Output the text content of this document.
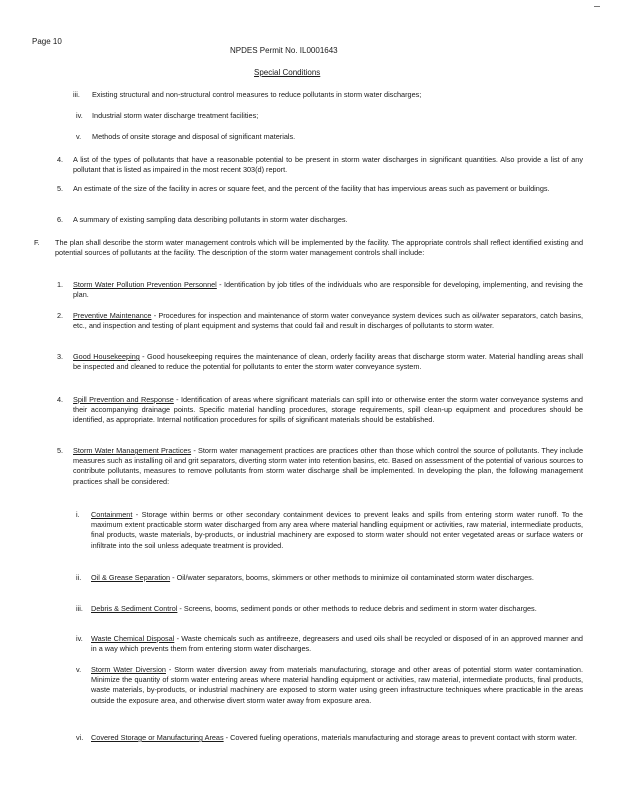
Page 10
NPDES Permit No. IL0001643
Special Conditions
iii. Existing structural and non-structural control measures to reduce pollutants in storm water discharges;
iv. Industrial storm water discharge treatment facilities;
v. Methods of onsite storage and disposal of significant materials.
4. A list of the types of pollutants that have a reasonable potential to be present in storm water discharges in significant quantities. Also provide a list of any pollutant that is listed as impaired in the most recent 303(d) report.
5. An estimate of the size of the facility in acres or square feet, and the percent of the facility that has impervious areas such as pavement or buildings.
6. A summary of existing sampling data describing pollutants in storm water discharges.
F. The plan shall describe the storm water management controls which will be implemented by the facility. The appropriate controls shall reflect identified existing and potential sources of pollutants at the facility. The description of the storm water management controls shall include:
1. Storm Water Pollution Prevention Personnel - Identification by job titles of the individuals who are responsible for developing, implementing, and revising the plan.
2. Preventive Maintenance - Procedures for inspection and maintenance of storm water conveyance system devices such as oil/water separators, catch basins, etc., and inspection and testing of plant equipment and systems that could fail and result in discharges of pollutants to storm water.
3. Good Housekeeping - Good housekeeping requires the maintenance of clean, orderly facility areas that discharge storm water. Material handling areas shall be inspected and cleaned to reduce the potential for pollutants to enter the storm water conveyance system.
4. Spill Prevention and Response - Identification of areas where significant materials can spill into or otherwise enter the storm water conveyance systems and their accompanying drainage points. Specific material handling procedures, storage requirements, spill clean-up equipment and procedures should be identified, as appropriate. Internal notification procedures for spills of significant materials should be established.
5. Storm Water Management Practices - Storm water management practices are practices other than those which control the source of pollutants. They include measures such as installing oil and grit separators, diverting storm water into retention basins, etc. Based on assessment of the potential of various sources to contribute pollutants, measures to remove pollutants from storm water discharge shall be implemented. In developing the plan, the following management practices shall be considered:
i. Containment - Storage within berms or other secondary containment devices to prevent leaks and spills from entering storm water runoff. To the maximum extent practicable storm water discharged from any area where material handling equipment or activities, raw material, intermediate products, final products, waste materials, by-products, or industrial machinery are exposed to storm water should not enter vegetated areas or surface waters or infiltrate into the soil unless adequate treatment is provided.
ii. Oil & Grease Separation - Oil/water separators, booms, skimmers or other methods to minimize oil contaminated storm water discharges.
iii. Debris & Sediment Control - Screens, booms, sediment ponds or other methods to reduce debris and sediment in storm water discharges.
iv. Waste Chemical Disposal - Waste chemicals such as antifreeze, degreasers and used oils shall be recycled or disposed of in an approved manner and in a way which prevents them from entering storm water discharges.
v. Storm Water Diversion - Storm water diversion away from materials manufacturing, storage and other areas of potential storm water contamination. Minimize the quantity of storm water entering areas where material handling equipment or activities, raw material, intermediate products, final products, waste materials, by-products, or industrial machinery are exposed to storm water using green infrastructure techniques where practicable in the areas outside the exposure area, and otherwise divert storm water away from exposure area.
vi. Covered Storage or Manufacturing Areas - Covered fueling operations, materials manufacturing and storage areas to prevent contact with storm water.
